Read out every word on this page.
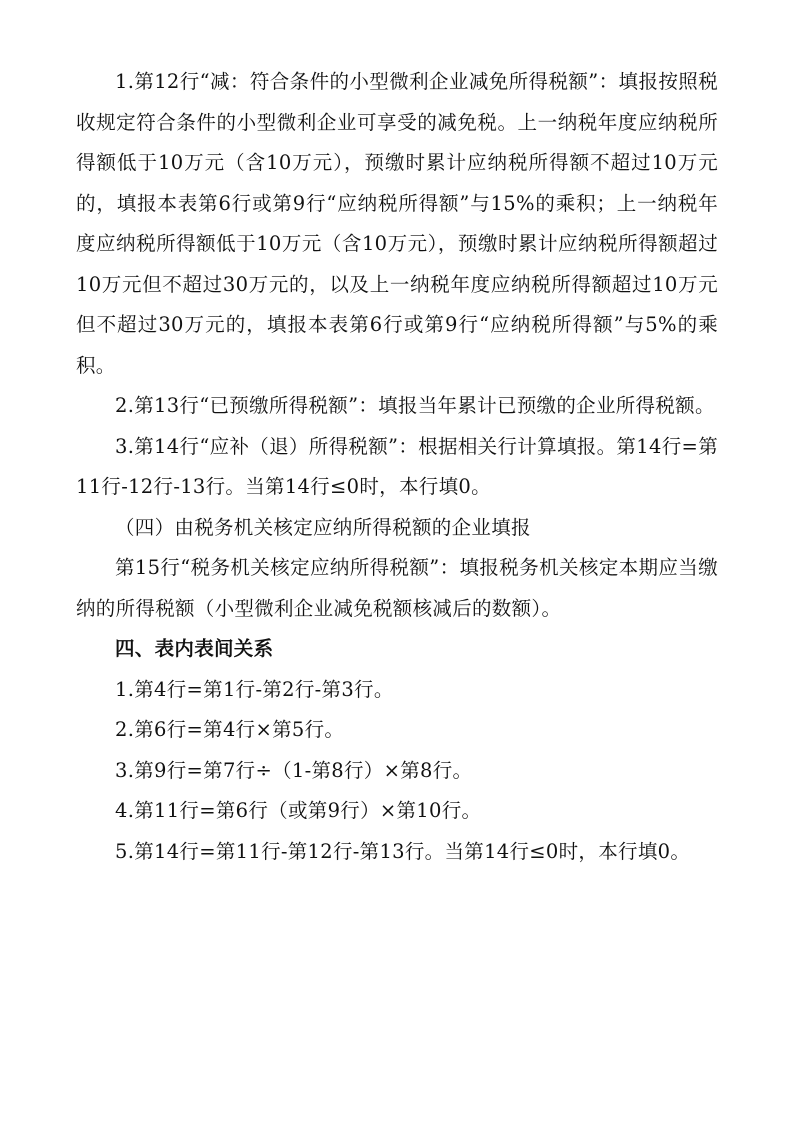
1.第12行“减：符合条件的小型微利企业减免所得税额”：填报按照税收规定符合条件的小型微利企业可享受的减免税。上一纳税年度应纳税所得额低于10万元（含10万元），预缴时累计应纳税所得额不超过10万元的，填报本表第6行或第9行“应纳税所得额”与15%的乘积；上一纳税年度应纳税所得额低于10万元（含10万元），预缴时累计应纳税所得额超过10万元但不超过30万元的，以及上一纳税年度应纳税所得额超过10万元但不超过30万元的，填报本表第6行或第9行“应纳税所得额”与5%的乘积。

2.第13行“已预缴所得税额”：填报当年累计已预缴的企业所得税额。

3.第14行“应补（退）所得税额”：根据相关行计算填报。第14行=第11行-12行-13行。当第14行≤0时，本行填0。

（四）由税务机关核定应纳所得税额的企业填报

第15行“税务机关核定应纳所得税额”：填报税务机关核定本期应当缴纳的所得税额（小型微利企业减免税额核减后的数额）。

四、表内表间关系

1.第4行=第1行-第2行-第3行。

2.第6行=第4行×第5行。

3.第9行=第7行÷（1-第8行）×第8行。

4.第11行=第6行（或第9行）×第10行。

5.第14行=第11行-第12行-第13行。当第14行≤0时，本行填0。
